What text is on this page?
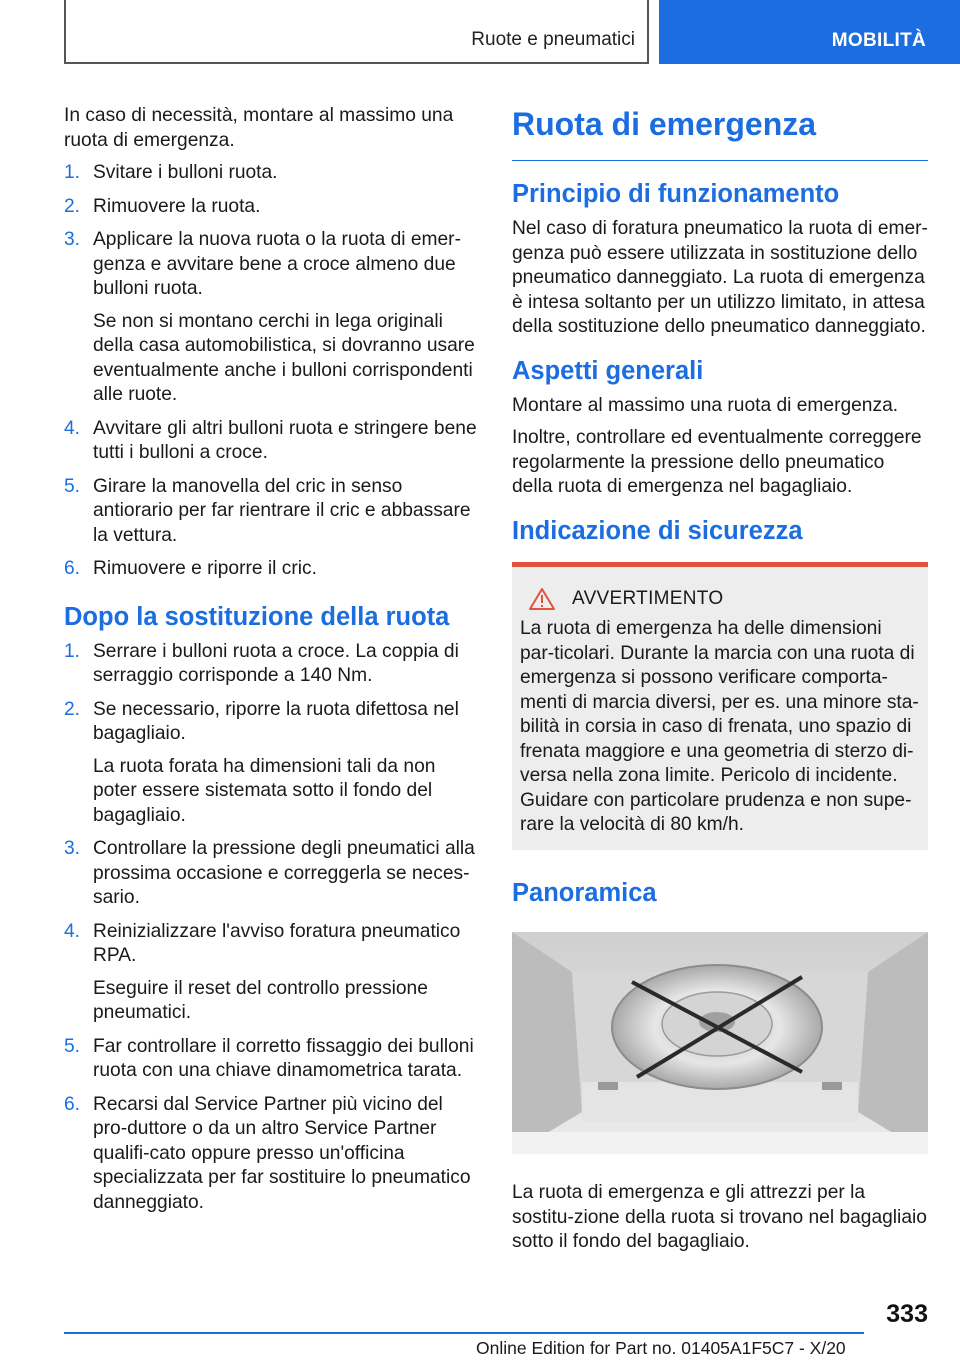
Ruote e pneumatici	MOBILITÀ

In caso di necessità, montare al massimo una ruota di emergenza.

1. Svitare i bulloni ruota.
2. Rimuovere la ruota.
3. Applicare la nuova ruota o la ruota di emer-genza e avvitare bene a croce almeno due bulloni ruota.
Se non si montano cerchi in lega originali della casa automobilistica, si dovranno usare eventualmente anche i bulloni corrispondenti alle ruote.
4. Avvitare gli altri bulloni ruota e stringere bene tutti i bulloni a croce.
5. Girare la manovella del cric in senso antiorario per far rientrare il cric e abbassare la vettura.
6. Rimuovere e riporre il cric.
Dopo la sostituzione della ruota
1. Serrare i bulloni ruota a croce. La coppia di serraggio corrisponde a 140 Nm.
2. Se necessario, riporre la ruota difettosa nel bagagliaio.
La ruota forata ha dimensioni tali da non poter essere sistemata sotto il fondo del bagagliaio.
3. Controllare la pressione degli pneumatici alla prossima occasione e correggerla se neces-sario.
4. Reinizializzare l'avviso foratura pneumatico RPA.
Eseguire il reset del controllo pressione pneumatici.
5. Far controllare il corretto fissaggio dei bulloni ruota con una chiave dinamometrica tarata.
6. Recarsi dal Service Partner più vicino del pro-duttore o da un altro Service Partner qualifi-cato oppure presso un'officina specializzata per far sostituire lo pneumatico danneggiato.
Ruota di emergenza
Principio di funzionamento

Nel caso di foratura pneumatico la ruota di emer-genza può essere utilizzata in sostituzione dello pneumatico danneggiato. La ruota di emergenza è intesa soltanto per un utilizzo limitato, in attesa della sostituzione dello pneumatico danneggiato.

Aspetti generali

Montare al massimo una ruota di emergenza.

Inoltre, controllare ed eventualmente correggere regolarmente la pressione dello pneumatico della ruota di emergenza nel bagagliaio.

Indicazione di sicurezza
AVVERTIMENTO

La ruota di emergenza ha delle dimensioni par-ticolari. Durante la marcia con una ruota di emergenza si possono verificare comporta-menti di marcia diversi, per es. una minore sta-bilità in corsia in caso di frenata, uno spazio di frenata maggiore e una geometria di sterzo di-versa nella zona limite. Pericolo di incidente. Guidare con particolare prudenza e non supe-rare la velocità di 80 km/h.

Panoramica

La ruota di emergenza e gli attrezzi per la sostitu-zione della ruota si trovano nel bagagliaio sotto il fondo del bagagliaio.

333
Online Edition for Part no. 01405A1F5C7 - X/20
